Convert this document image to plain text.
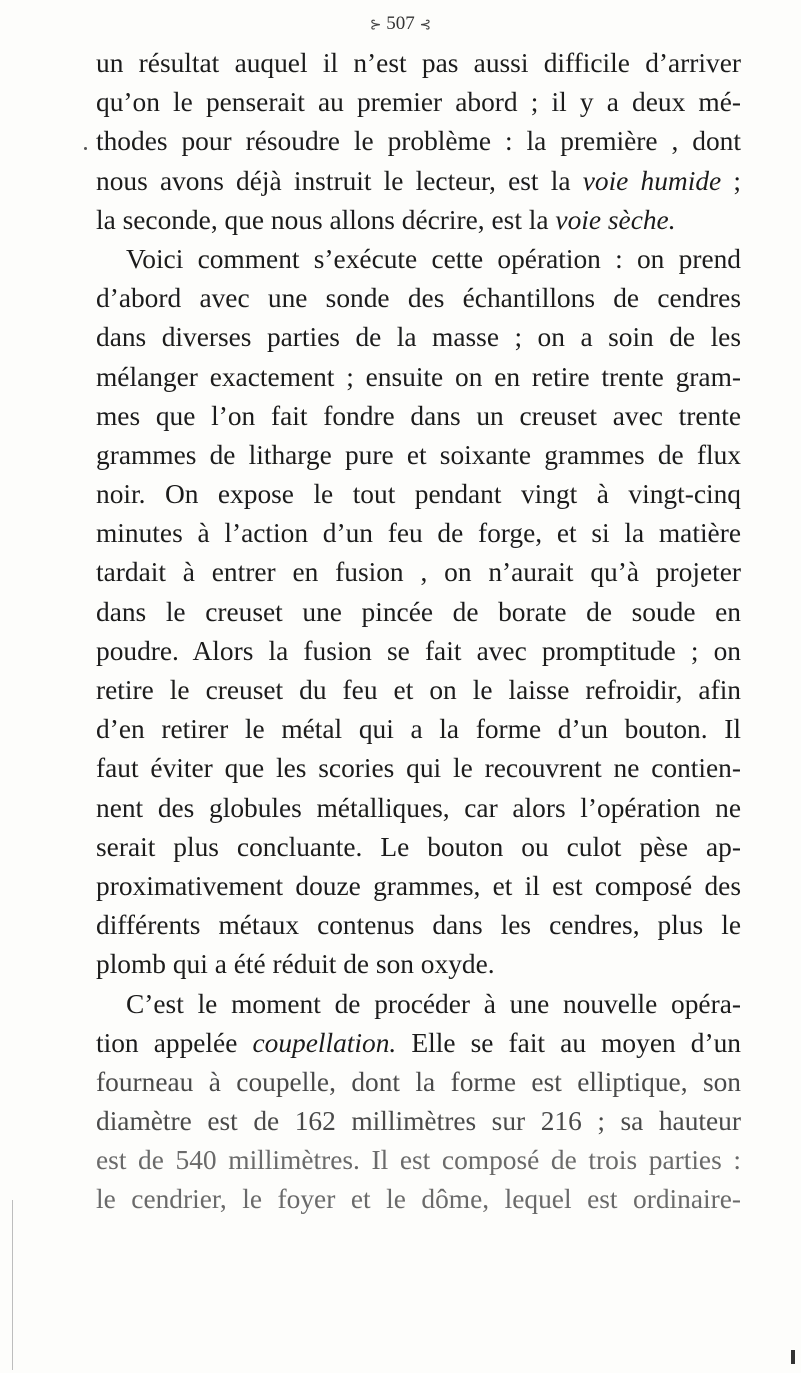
⊱ 507 ⊰
un résultat auquel il n’est pas aussi difficile d’arriver
qu’on le penserait au premier abord ; il y a deux mé-
thodes pour résoudre le problème : la première , dont
nous avons déjà instruit le lecteur, est la voie humide ;
la seconde, que nous allons décrire, est la voie sèche.
Voici comment s’exécute cette opération : on prend
d’abord avec une sonde des échantillons de cendres
dans diverses parties de la masse ; on a soin de les
mélanger exactement ; ensuite on en retire trente gram-
mes que l’on fait fondre dans un creuset avec trente
grammes de litharge pure et soixante grammes de flux
noir. On expose le tout pendant vingt à vingt-cinq
minutes à l’action d’un feu de forge, et si la matière
tardait à entrer en fusion , on n’aurait qu’à projeter
dans le creuset une pincée de borate de soude en
poudre. Alors la fusion se fait avec promptitude ; on
retire le creuset du feu et on le laisse refroidir, afin
d’en retirer le métal qui a la forme d’un bouton. Il
faut éviter que les scories qui le recouvrent ne contien-
nent des globules métalliques, car alors l’opération ne
serait plus concluante. Le bouton ou culot pèse ap-
proximativement douze grammes, et il est composé des
différents métaux contenus dans les cendres, plus le
plomb qui a été réduit de son oxyde.
C’est le moment de procéder à une nouvelle opéra-
tion appelée coupellation. Elle se fait au moyen d’un
fourneau à coupelle, dont la forme est elliptique, son
diamètre est de 162 millimètres sur 216 ; sa hauteur
est de 540 millimètres. Il est composé de trois parties :
le cendrier, le foyer et le dôme, lequel est ordinaire-
